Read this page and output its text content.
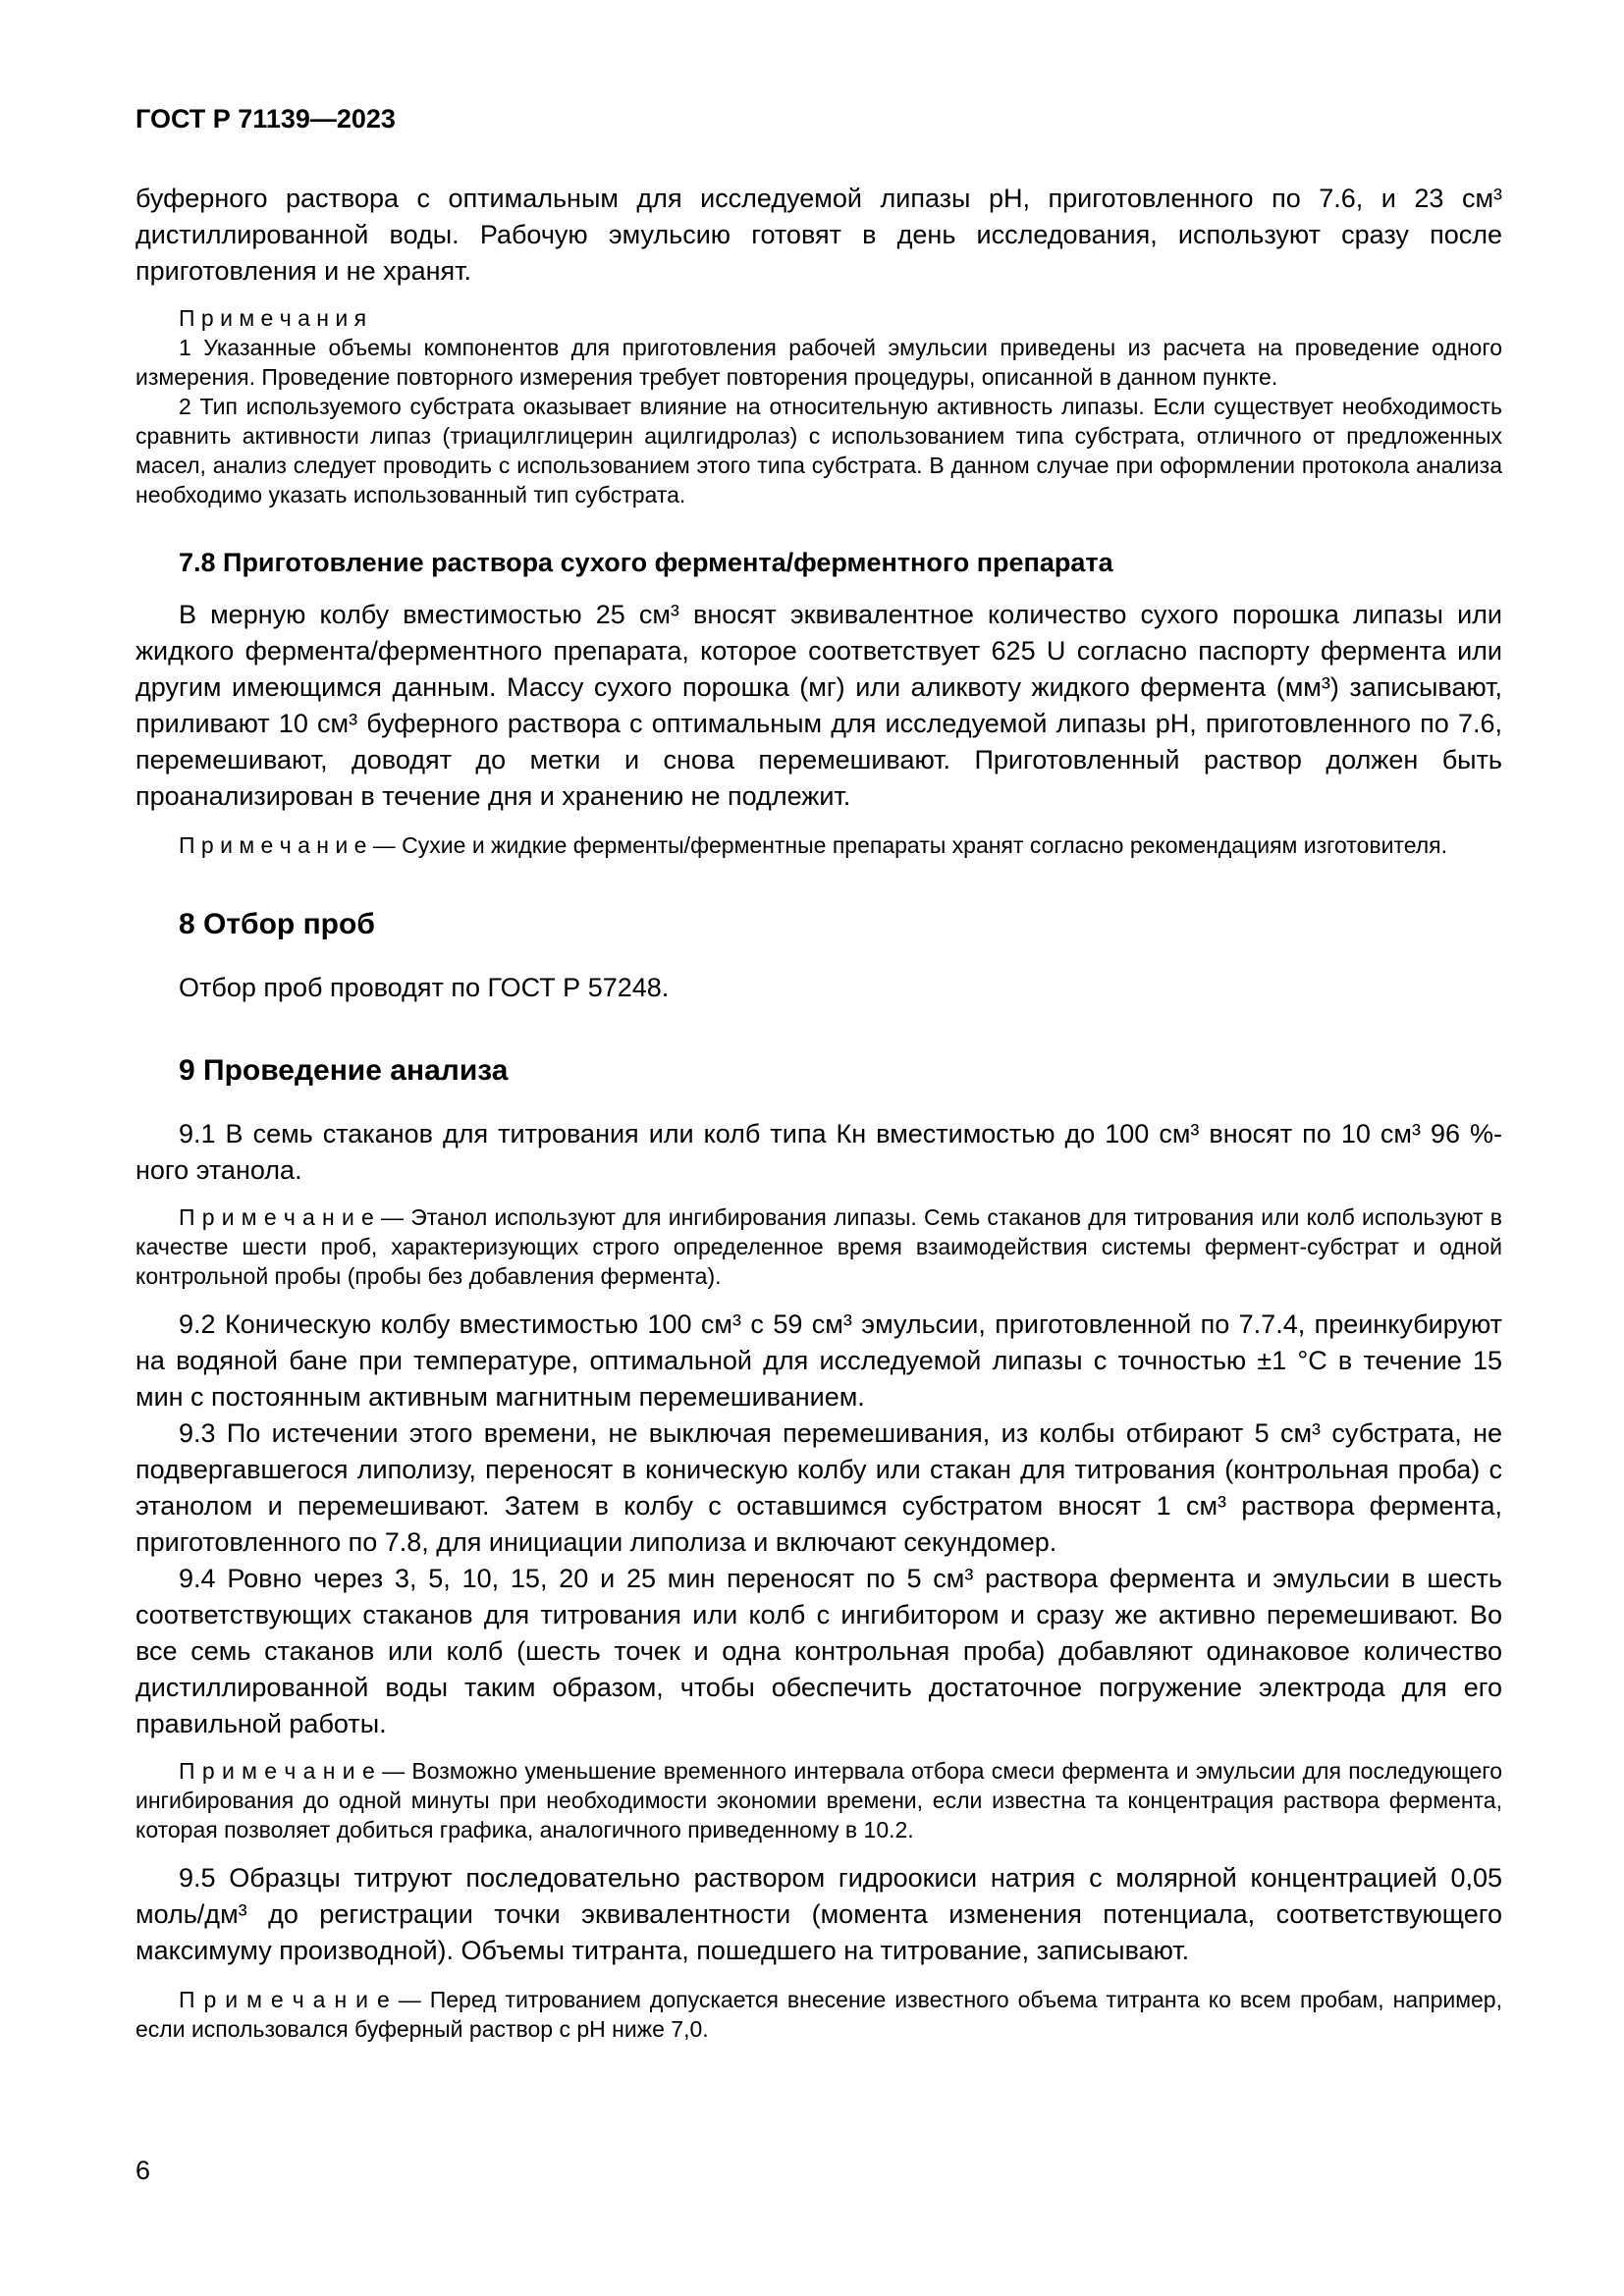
ГОСТ Р 71139—2023

буферного раствора с оптимальным для исследуемой липазы pH, приготовленного по 7.6, и 23 см³ дистиллированной воды. Рабочую эмульсию готовят в день исследования, используют сразу после приготовления и не хранят.

П р и м е ч а н и я

1 Указанные объемы компонентов для приготовления рабочей эмульсии приведены из расчета на проведение одного измерения. Проведение повторного измерения требует повторения процедуры, описанной в данном пункте.

2 Тип используемого субстрата оказывает влияние на относительную активность липазы. Если существует необходимость сравнить активности липаз (триацилглицерин ацилгидролаз) с использованием типа субстрата, отличного от предложенных масел, анализ следует проводить с использованием этого типа субстрата. В данном случае при оформлении протокола анализа необходимо указать использованный тип субстрата.

7.8 Приготовление раствора сухого фермента/ферментного препарата

В мерную колбу вместимостью 25 см³ вносят эквивалентное количество сухого порошка липазы или жидкого фермента/ферментного препарата, которое соответствует 625 U согласно паспорту фермента или другим имеющимся данным. Массу сухого порошка (мг) или аликвоту жидкого фермента (мм³) записывают, приливают 10 см³ буферного раствора с оптимальным для исследуемой липазы pH, приготовленного по 7.6, перемешивают, доводят до метки и снова перемешивают. Приготовленный раствор должен быть проанализирован в течение дня и хранению не подлежит.

П р и м е ч а н и е — Сухие и жидкие ферменты/ферментные препараты хранят согласно рекомендациям изготовителя.

8 Отбор проб

Отбор проб проводят по ГОСТ Р 57248.

9 Проведение анализа

9.1 В семь стаканов для титрования или колб типа Кн вместимостью до 100 см³ вносят по 10 см³ 96 %-ного этанола.

П р и м е ч а н и е — Этанол используют для ингибирования липазы. Семь стаканов для титрования или колб используют в качестве шести проб, характеризующих строго определенное время взаимодействия системы фермент-субстрат и одной контрольной пробы (пробы без добавления фермента).

9.2 Коническую колбу вместимостью 100 см³ с 59 см³ эмульсии, приготовленной по 7.7.4, преинкубируют на водяной бане при температуре, оптимальной для исследуемой липазы с точностью ±1 °С в течение 15 мин с постоянным активным магнитным перемешиванием.

9.3 По истечении этого времени, не выключая перемешивания, из колбы отбирают 5 см³ субстрата, не подвергавшегося липолизу, переносят в коническую колбу или стакан для титрования (контрольная проба) с этанолом и перемешивают. Затем в колбу с оставшимся субстратом вносят 1 см³ раствора фермента, приготовленного по 7.8, для инициации липолиза и включают секундомер.

9.4 Ровно через 3, 5, 10, 15, 20 и 25 мин переносят по 5 см³ раствора фермента и эмульсии в шесть соответствующих стаканов для титрования или колб с ингибитором и сразу же активно перемешивают. Во все семь стаканов или колб (шесть точек и одна контрольная проба) добавляют одинаковое количество дистиллированной воды таким образом, чтобы обеспечить достаточное погружение электрода для его правильной работы.

П р и м е ч а н и е — Возможно уменьшение временного интервала отбора смеси фермента и эмульсии для последующего ингибирования до одной минуты при необходимости экономии времени, если известна та концентрация раствора фермента, которая позволяет добиться графика, аналогичного приведенному в 10.2.

9.5 Образцы титруют последовательно раствором гидроокиси натрия с молярной концентрацией 0,05 моль/дм³ до регистрации точки эквивалентности (момента изменения потенциала, соответствующего максимуму производной). Объемы титранта, пошедшего на титрование, записывают.

П р и м е ч а н и е — Перед титрованием допускается внесение известного объема титранта ко всем пробам, например, если использовался буферный раствор с pH ниже 7,0.

6
